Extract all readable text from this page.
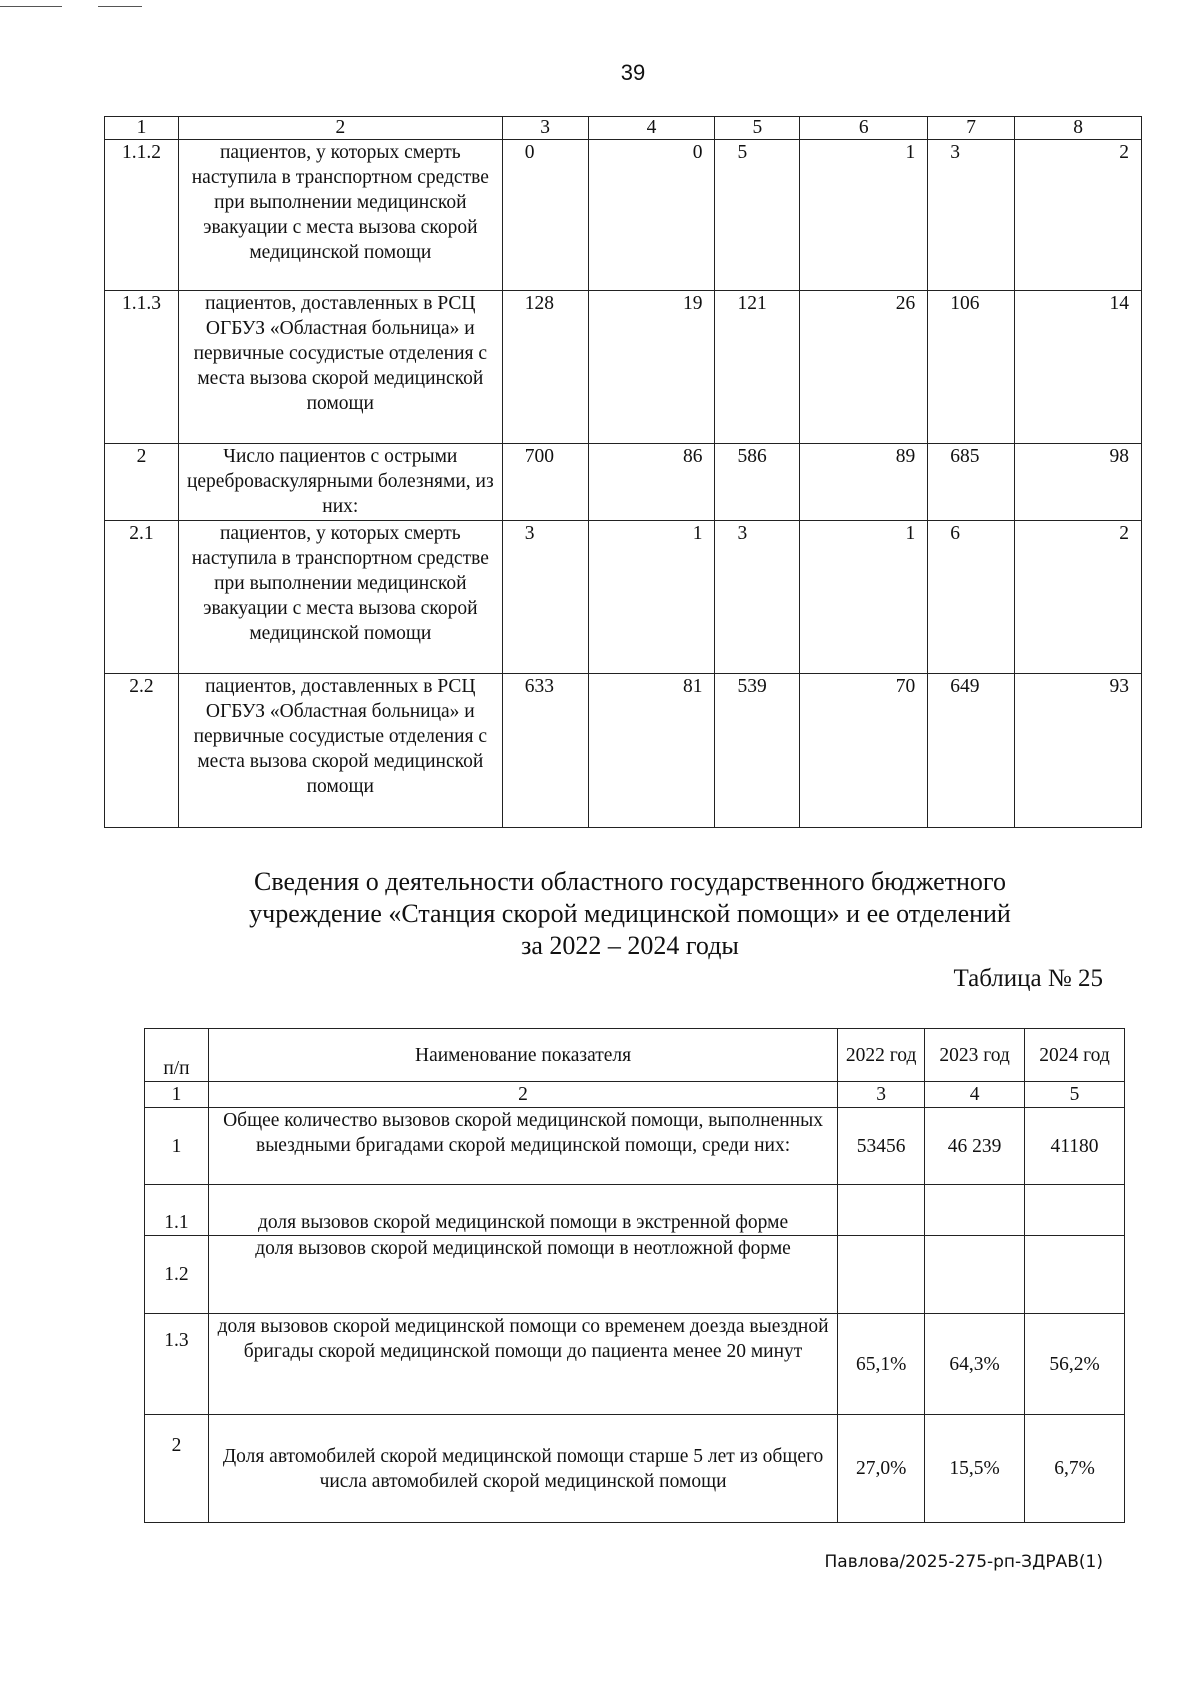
39
1	2	3	4	5	6	7	8
1.1.2	пациентов, у которых смерть наступила в транспортном средстве при выполнении медицинской эвакуации с места вызова скорой медицинской помощи	0	0	5	1	3	2
1.1.3	пациентов, доставленных в РСЦ ОГБУЗ «Областная больница» и первичные сосудистые отделения с места вызова скорой медицинской помощи	128	19	121	26	106	14
2	Число пациентов с острыми цереброваскулярными болезнями, из них:	700	86	586	89	685	98
2.1	пациентов, у которых смерть наступила в транспортном средстве при выполнении медицинской эвакуации с места вызова скорой медицинской помощи	3	1	3	1	6	2
2.2	пациентов, доставленных в РСЦ ОГБУЗ «Областная больница» и первичные сосудистые отделения с места вызова скорой медицинской помощи	633	81	539	70	649	93
Сведения о деятельности областного государственного бюджетного
учреждение «Станция скорой медицинской помощи» и ее отделений
за 2022 – 2024 годы
Таблица № 25
п/п	Наименование показателя	2022 год	2023 год	2024 год
1	2	3	4	5
1	Общее количество вызовов скорой медицинской помощи, выполненных выездными бригадами скорой медицинской помощи, среди них:	53456	46 239	41180
1.1	доля вызовов скорой медицинской помощи в экстренной форме			
1.2	доля вызовов скорой медицинской помощи в неотложной форме			
1.3	доля вызовов скорой медицинской помощи со временем доезда выездной бригады скорой медицинской помощи до пациента менее 20 минут	65,1%	64,3%	56,2%
2	Доля автомобилей скорой медицинской помощи старше 5 лет из общего числа автомобилей скорой медицинской помощи	27,0%	15,5%	6,7%
Павлова/2025-275-рп-ЗДРАВ(1)
